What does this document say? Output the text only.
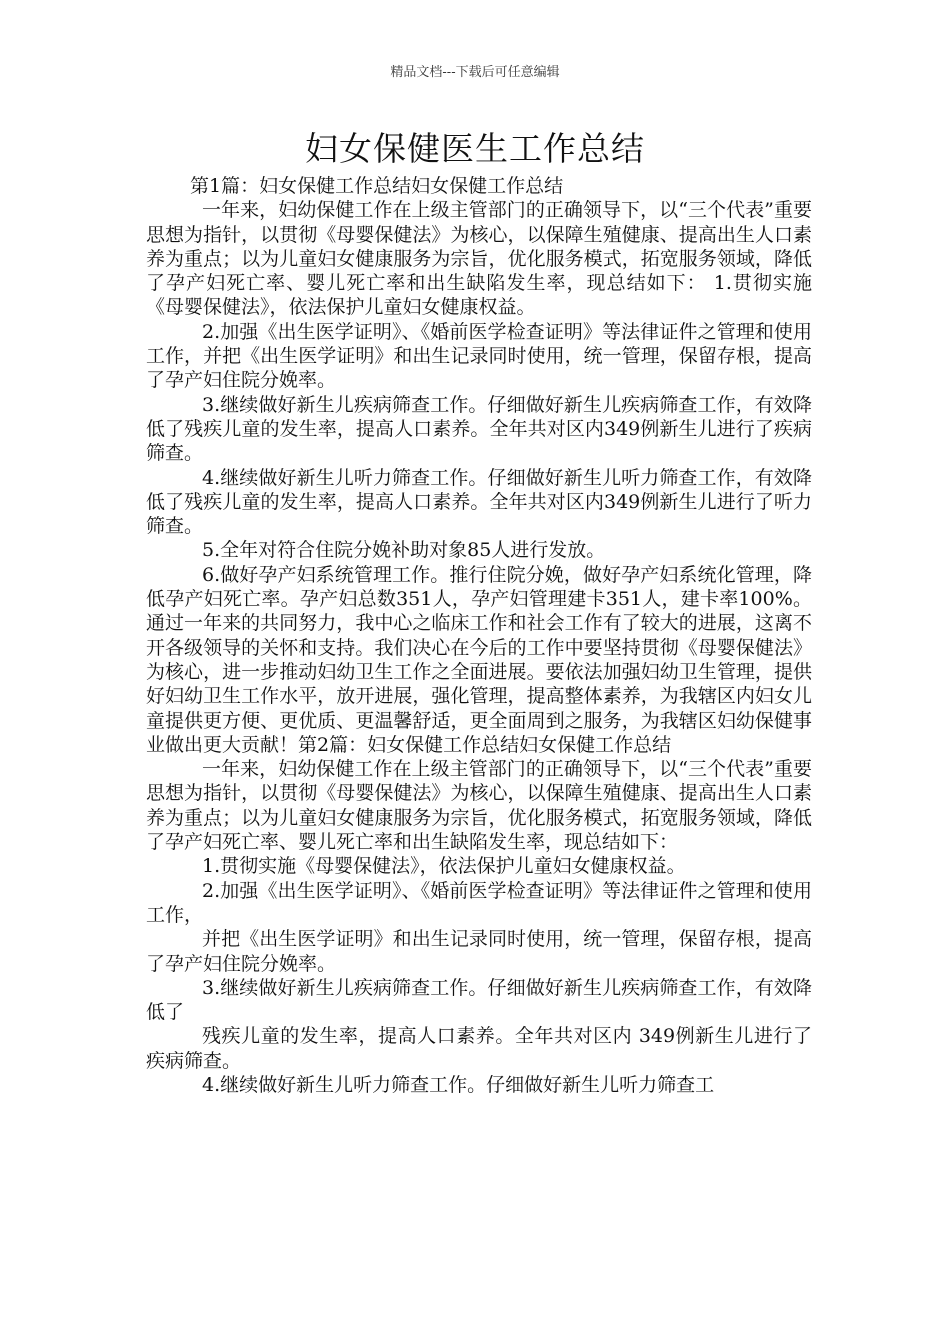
精品文档---下载后可任意编辑
妇女保健医生工作总结

第1篇：妇女保健工作总结妇女保健工作总结

一年来，妇幼保健工作在上级主管部门的正确领导下，以“三个代表”重要思想为指针，以贯彻《母婴保健法》为核心，以保障生殖健康、提高出生人口素养为重点；以为儿童妇女健康服务为宗旨，优化服务模式，拓宽服务领域，降低了孕产妇死亡率、婴儿死亡率和出生缺陷发生率，现总结如下： 1.贯彻实施《母婴保健法》，依法保护儿童妇女健康权益。

2.加强《出生医学证明》、《婚前医学检查证明》等法律证件之管理和使用工作，并把《出生医学证明》和出生记录同时使用，统一管理，保留存根，提高了孕产妇住院分娩率。

3.继续做好新生儿疾病筛查工作。仔细做好新生儿疾病筛查工作，有效降低了残疾儿童的发生率，提高人口素养。全年共对区内349例新生儿进行了疾病筛查。

4.继续做好新生儿听力筛查工作。仔细做好新生儿听力筛查工作，有效降低了残疾儿童的发生率，提高人口素养。全年共对区内349例新生儿进行了听力筛查。

5.全年对符合住院分娩补助对象85人进行发放。

6.做好孕产妇系统管理工作。推行住院分娩，做好孕产妇系统化管理，降低孕产妇死亡率。孕产妇总数351人，孕产妇管理建卡351人，建卡率100%。 通过一年来的共同努力，我中心之临床工作和社会工作有了较大的进展，这离不开各级领导的关怀和支持。我们决心在今后的工作中要坚持贯彻《母婴保健法》为核心，进一步推动妇幼卫生工作之全面进展。要依法加强妇幼卫生管理，提供好妇幼卫生工作水平，放开进展，强化管理，提高整体素养，为我辖区内妇女儿童提供更方便、更优质、更温馨舒适，更全面周到之服务，为我辖区妇幼保健事业做出更大贡献！第2篇：妇女保健工作总结妇女保健工作总结

一年来，妇幼保健工作在上级主管部门的正确领导下，以“三个代表”重要思想为指针，以贯彻《母婴保健法》为核心，以保障生殖健康、提高出生人口素养为重点；以为儿童妇女健康服务为宗旨，优化服务模式，拓宽服务领域，降低了孕产妇死亡率、婴儿死亡率和出生缺陷发生率，现总结如下：

1.贯彻实施《母婴保健法》，依法保护儿童妇女健康权益。

2.加强《出生医学证明》、《婚前医学检查证明》等法律证件之管理和使用工作，

并把《出生医学证明》和出生记录同时使用，统一管理，保留存根，提高了孕产妇住院分娩率。

3.继续做好新生儿疾病筛查工作。仔细做好新生儿疾病筛查工作，有效降低了

残疾儿童的发生率，提高人口素养。全年共对区内 349例新生儿进行了疾病筛查。

4.继续做好新生儿听力筛查工作。仔细做好新生儿听力筛查工
